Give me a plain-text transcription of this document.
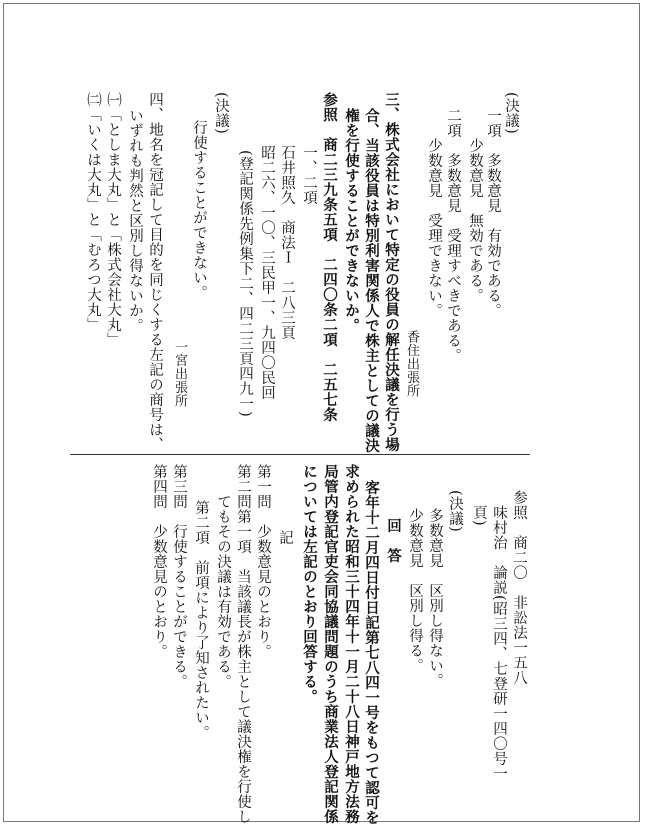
(決議)
一項　多数意見　有効である。
　　少数意見　無効である。
二項　多数意見　受理すべきである。
　　少数意見　受理できない。
香住出張所
三、株式会社において特定の役員の解任決議を行う場
合、当該役員は特別利害関係人で株主としての議決
権を行使することができないか。
参照　商二三九条五項　二四〇条二項　二五七条
一、二項
石井照久　商法Ｉ　二八三頁
昭二六、一〇、三民甲一、九四〇民回
(登記関係先例集下二、四二三頁四九一)
(決議)
行使することができない。
一宮出張所
四、地名を冠記して目的を同じくする左記の商号は、
いずれも判然と区別し得ないか。
㈠「としま大丸」と「株式会社大丸」
㈡「いくは大丸」と「むろつ大丸」
参照　商二〇　非訟法一五八
　味村治　論説(昭三四、七登研一四〇号一
　頁)
(決議)
多数意見　区別し得ない。
少数意見　区別し得る。
回　答
客年十二月四日付日記第七八四一号をもつて認可を
求められた昭和三十四年十一月二十八日神戸地方法務
局管内登記官吏会同協議問題のうち商業法人登記関係
については左記のとおり回答する。
記
第一問　少数意見のとおり。
第二問第一項　当該議長が株主として議決権を行使し
　　てもその決議は有効である。
第二項　前項により了知されたい。
第三問　行使することができる。
第四問　少数意見のとおり。
